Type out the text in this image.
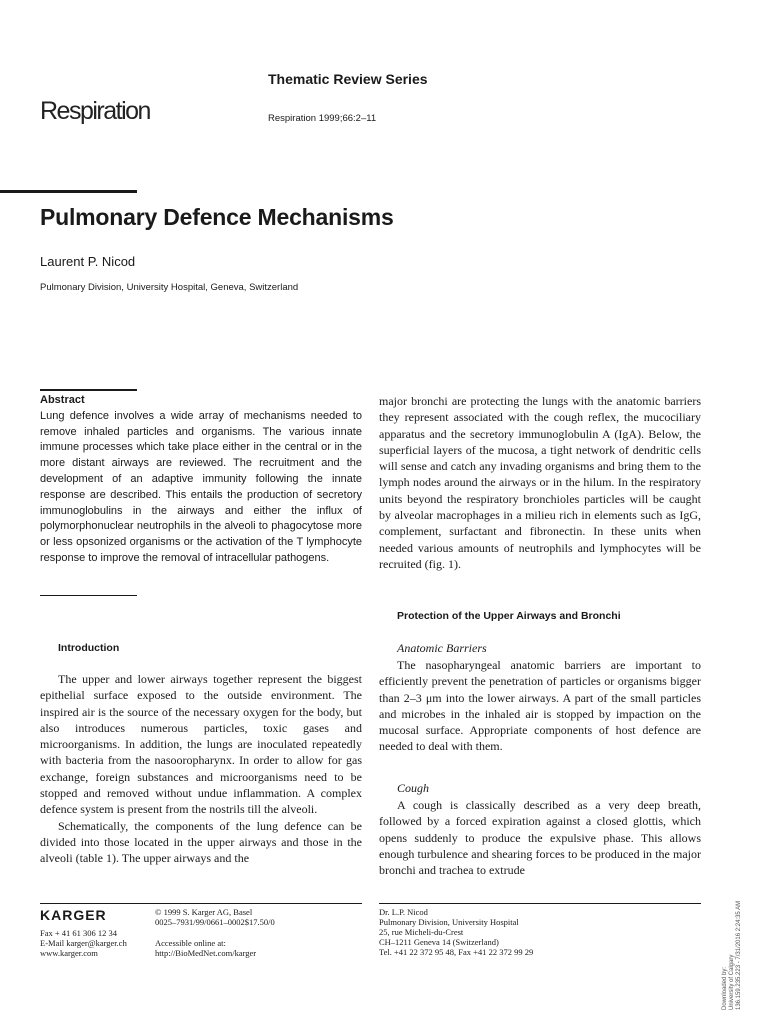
Thematic Review Series
Respiration	Respiration 1999;66:2–11
Pulmonary Defence Mechanisms
Laurent P. Nicod
Pulmonary Division, University Hospital, Geneva, Switzerland
Abstract
Lung defence involves a wide array of mechanisms needed to remove inhaled particles and organisms. The various innate immune processes which take place either in the central or in the more distant airways are reviewed. The recruitment and the development of an adaptive immunity following the innate response are described. This entails the production of secretory immunoglobulins in the airways and either the influx of polymorphonuclear neutrophils in the alveoli to phagocytose more or less opsonized organisms or the activation of the T lymphocyte response to improve the removal of intracellular pathogens.
Introduction

The upper and lower airways together represent the biggest epithelial surface exposed to the outside environment. The inspired air is the source of the necessary oxygen for the body, but also introduces numerous particles, toxic gases and microorganisms. In addition, the lungs are inoculated repeatedly with bacteria from the nasooropharynx. In order to allow for gas exchange, foreign substances and microorganisms need to be stopped and removed without undue inflammation. A complex defence system is present from the nostrils till the alveoli.

Schematically, the components of the lung defence can be divided into those located in the upper airways and those in the alveoli (table 1). The upper airways and the

major bronchi are protecting the lungs with the anatomic barriers they represent associated with the cough reflex, the mucociliary apparatus and the secretory immunoglobulin A (IgA). Below, the superficial layers of the mucosa, a tight network of dendritic cells will sense and catch any invading organisms and bring them to the lymph nodes around the airways or in the hilum. In the respiratory units beyond the respiratory bronchioles particles will be caught by alveolar macrophages in a milieu rich in elements such as IgG, complement, surfactant and fibronectin. In these units when needed various amounts of neutrophils and lymphocytes will be recruited (fig. 1).

Protection of the Upper Airways and Bronchi
Anatomic Barriers

The nasopharyngeal anatomic barriers are important to efficiently prevent the penetration of particles or organisms bigger than 2–3 μm into the lower airways. A part of the small particles and microbes in the inhaled air is stopped by impaction on the mucosal surface. Appropriate components of host defence are needed to deal with them.

Cough

A cough is classically described as a very deep breath, followed by a forced expiration against a closed glottis, which opens suddenly to produce the expulsive phase. This allows enough turbulence and shearing forces to be produced in the major bronchi and trachea to extrude

KARGER
Fax + 41 61 306 12 34
E-Mail karger@karger.ch
www.karger.com
© 1999 S. Karger AG, Basel
0025–7931/99/0661–0002$17.50/0
Accessible online at:
http://BioMedNet.com/karger
Dr. L.P. Nicod
Pulmonary Division, University Hospital
25, rue Micheli-du-Crest
CH–1211 Geneva 14 (Switzerland)
Tel. +41 22 372 95 48, Fax +41 22 372 99 29
Downloaded by: University of Calgary 136.159.235.223 - 7/31/2016 2:24:35 AM
